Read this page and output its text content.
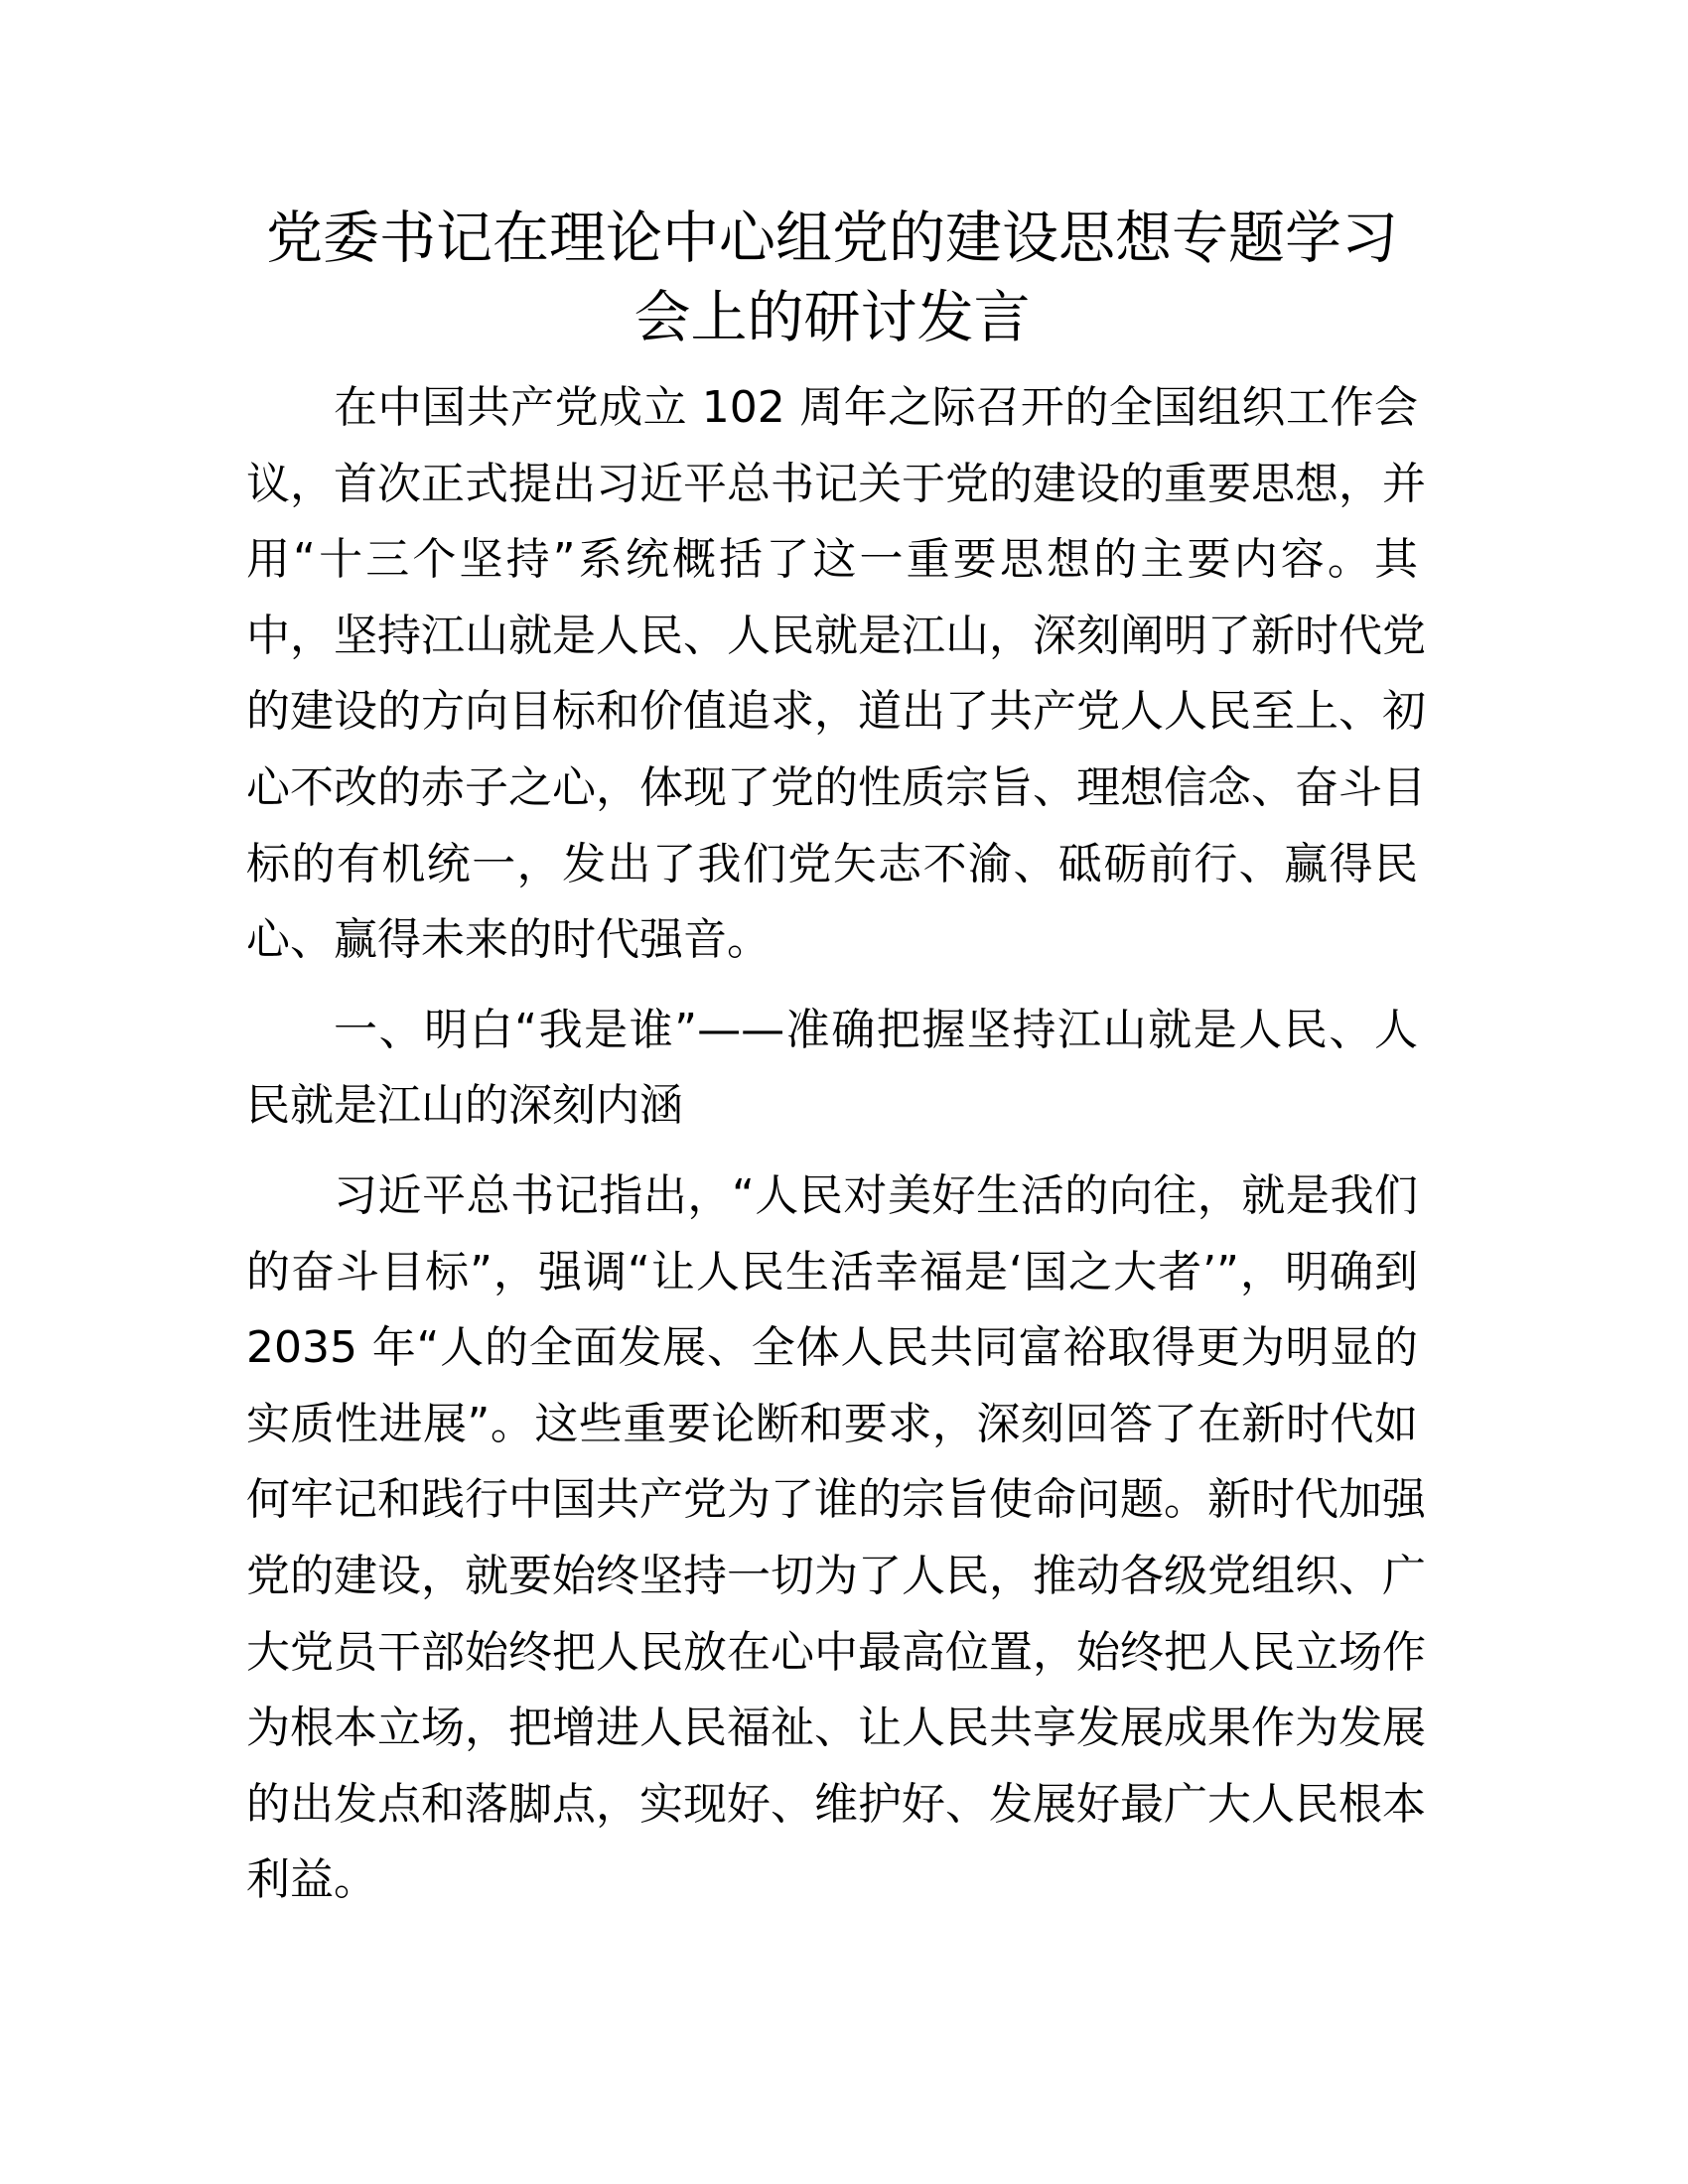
党委书记在理论中心组党的建设思想专题学习
会上的研讨发言
在中国共产党成立 102 周年之际召开的全国组织工作会
议，首次正式提出习近平总书记关于党的建设的重要思想，并
用“十三个坚持”系统概括了这一重要思想的主要内容。其
中，坚持江山就是人民、人民就是江山，深刻阐明了新时代党
的建设的方向目标和价值追求，道出了共产党人人民至上、初
心不改的赤子之心，体现了党的性质宗旨、理想信念、奋斗目
标的有机统一，发出了我们党矢志不渝、砥砺前行、赢得民
心、赢得未来的时代强音。
一、明白“我是谁”——准确把握坚持江山就是人民、人
民就是江山的深刻内涵
习近平总书记指出，“人民对美好生活的向往，就是我们
的奋斗目标”，强调“让人民生活幸福是‘国之大者’”，明确到
2035 年“人的全面发展、全体人民共同富裕取得更为明显的
实质性进展”。这些重要论断和要求，深刻回答了在新时代如
何牢记和践行中国共产党为了谁的宗旨使命问题。新时代加强
党的建设，就要始终坚持一切为了人民，推动各级党组织、广
大党员干部始终把人民放在心中最高位置，始终把人民立场作
为根本立场，把增进人民福祉、让人民共享发展成果作为发展
的出发点和落脚点，实现好、维护好、发展好最广大人民根本
利益。
